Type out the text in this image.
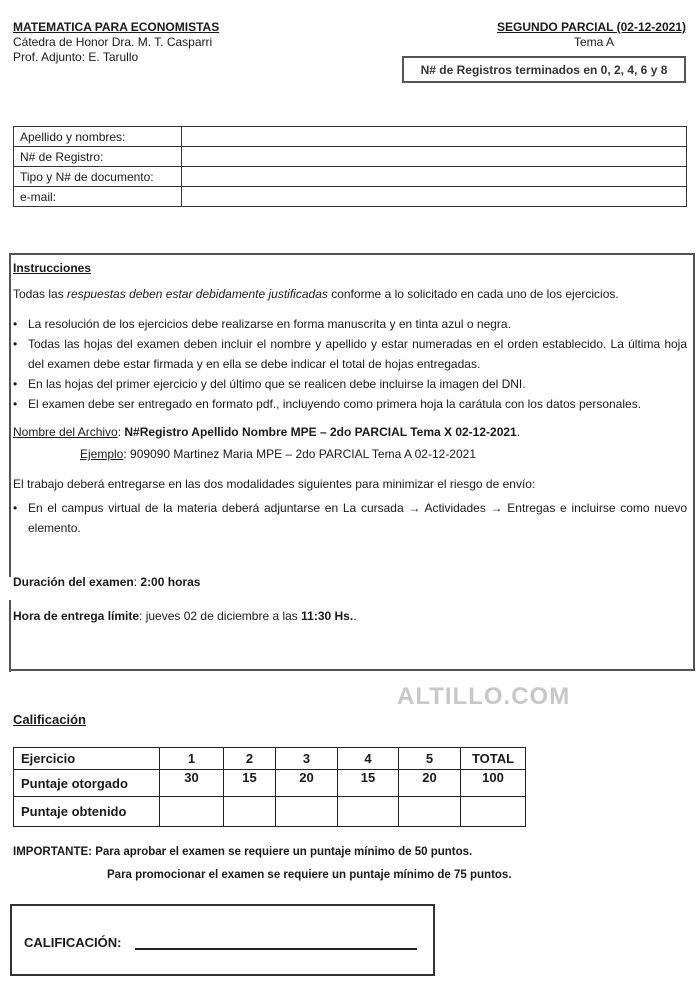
MATEMATICA PARA ECONOMISTAS
Cátedra de Honor Dra. M. T. Casparri
Prof. Adjunto: E. Tarullo
SEGUNDO PARCIAL (02-12-2021)
Tema A
N# de Registros terminados en 0, 2, 4, 6 y 8
Apellido y nombres:	
N# de Registro:	
Tipo y N# de documento:	
e-mail:	

Instrucciones

Todas las respuestas deben estar debidamente justificadas conforme a lo solicitado en cada uno de los ejercicios.

• La resolución de los ejercicios debe realizarse en forma manuscrita y en tinta azul o negra.
• Todas las hojas del examen deben incluir el nombre y apellido y estar numeradas en el orden establecido. La última hoja del examen debe estar firmada y en ella se debe indicar el total de hojas entregadas.
• En las hojas del primer ejercicio y del último que se realicen debe incluirse la imagen del DNI.
• El examen debe ser entregado en formato pdf., incluyendo como primera hoja la carátula con los datos personales.

Nombre del Archivo: N#Registro Apellido Nombre MPE – 2do PARCIAL Tema X 02-12-2021.

Ejemplo: 909090 Martinez Maria MPE – 2do PARCIAL Tema A 02-12-2021

El trabajo deberá entregarse en las dos modalidades siguientes para minimizar el riesgo de envío:

• En el campus virtual de la materia deberá adjuntarse en La cursada → Actividades → Entregas e incluirse como nuevo elemento.

Duración del examen: 2:00 horas

Hora de entrega límite: jueves 02 de diciembre a las 11:30 Hs..

ALTILLO.COM
Calificación
Ejercicio	1	2	3	4	5	TOTAL
Puntaje otorgado	30	15	20	15	20	100
Puntaje obtenido						
IMPORTANTE: Para aprobar el examen se requiere un puntaje mínimo de 50 puntos.
Para promocionar el examen se requiere un puntaje mínimo de 75 puntos.
CALIFICACIÓN:
